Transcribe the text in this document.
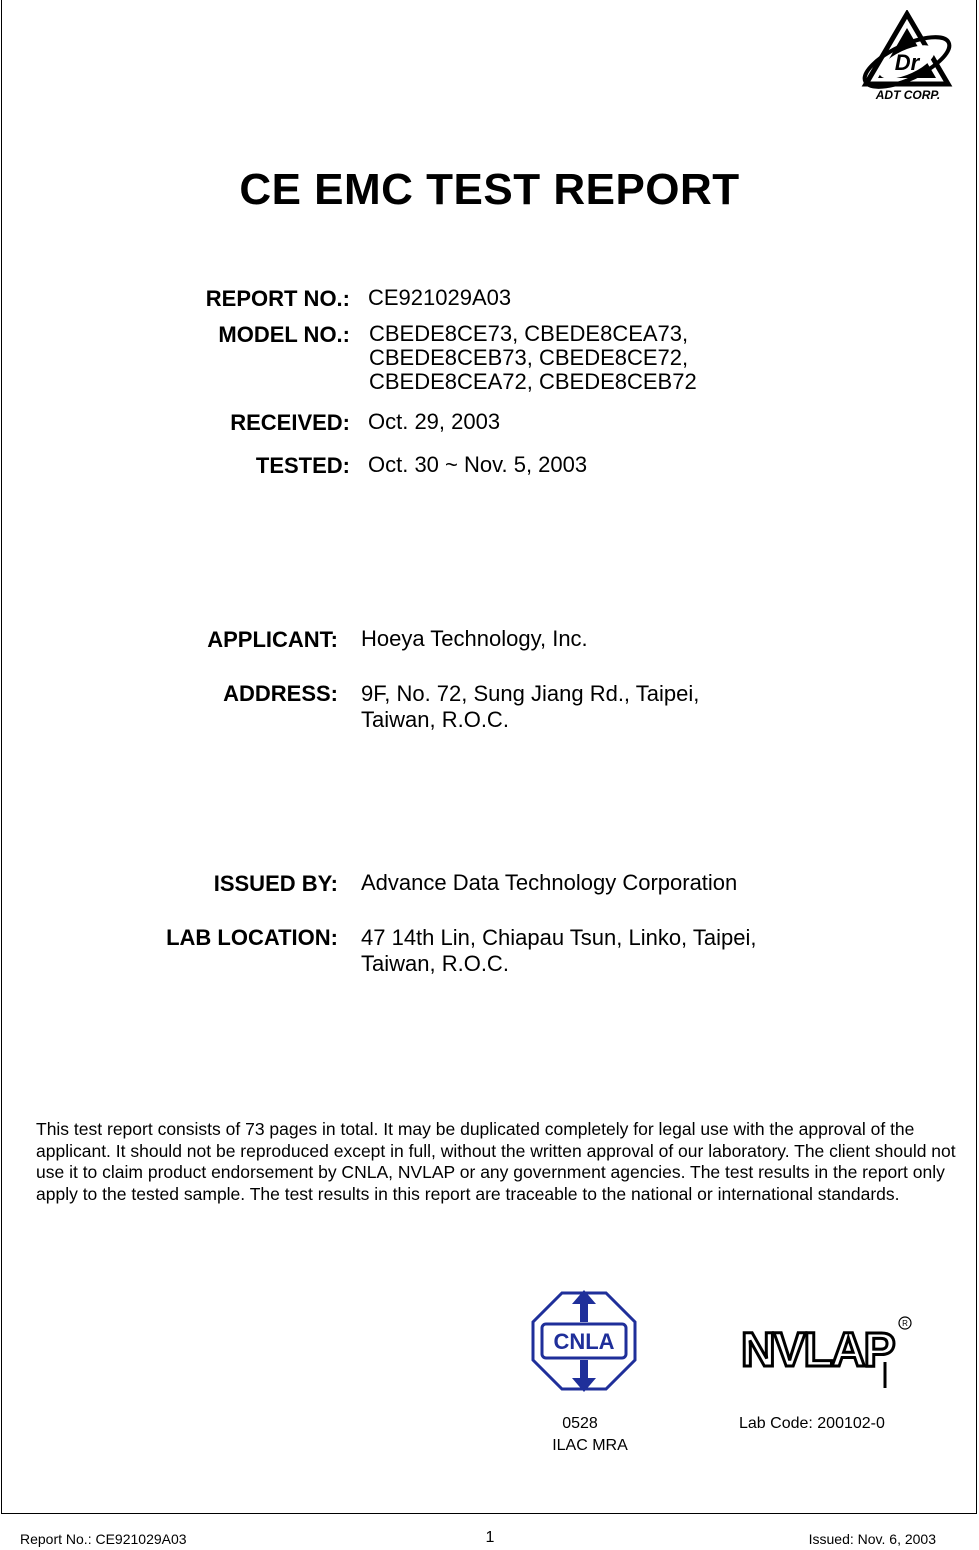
Dr
ADT CORP.
CE EMC TEST REPORT
REPORT NO.: CE921029A03
MODEL NO.: CBEDE8CE73, CBEDE8CEA73,
CBEDE8CEB73, CBEDE8CE72,
CBEDE8CEA72, CBEDE8CEB72
RECEIVED: Oct. 29, 2003
TESTED: Oct. 30 ~ Nov. 5, 2003
APPLICANT: Hoeya Technology, Inc.
ADDRESS: 9F, No. 72, Sung Jiang Rd., Taipei,
Taiwan, R.O.C.
ISSUED BY: Advance Data Technology Corporation
LAB LOCATION: 47 14th Lin, Chiapau Tsun, Linko, Taipei,
Taiwan, R.O.C.
This test report consists of 73 pages in total. It may be duplicated completely for legal use with the approval of the applicant. It should not be reproduced except in full, without the written approval of our laboratory. The client should not use it to claim product endorsement by CNLA, NVLAP or any government agencies. The test results in the report only apply to the tested sample. The test results in this report are traceable to the national or international standards.
CNLA
0528
ILAC MRA
NVLAP
R
Lab Code: 200102-0
Report No.: CE921029A03	1	Issued: Nov. 6, 2003
